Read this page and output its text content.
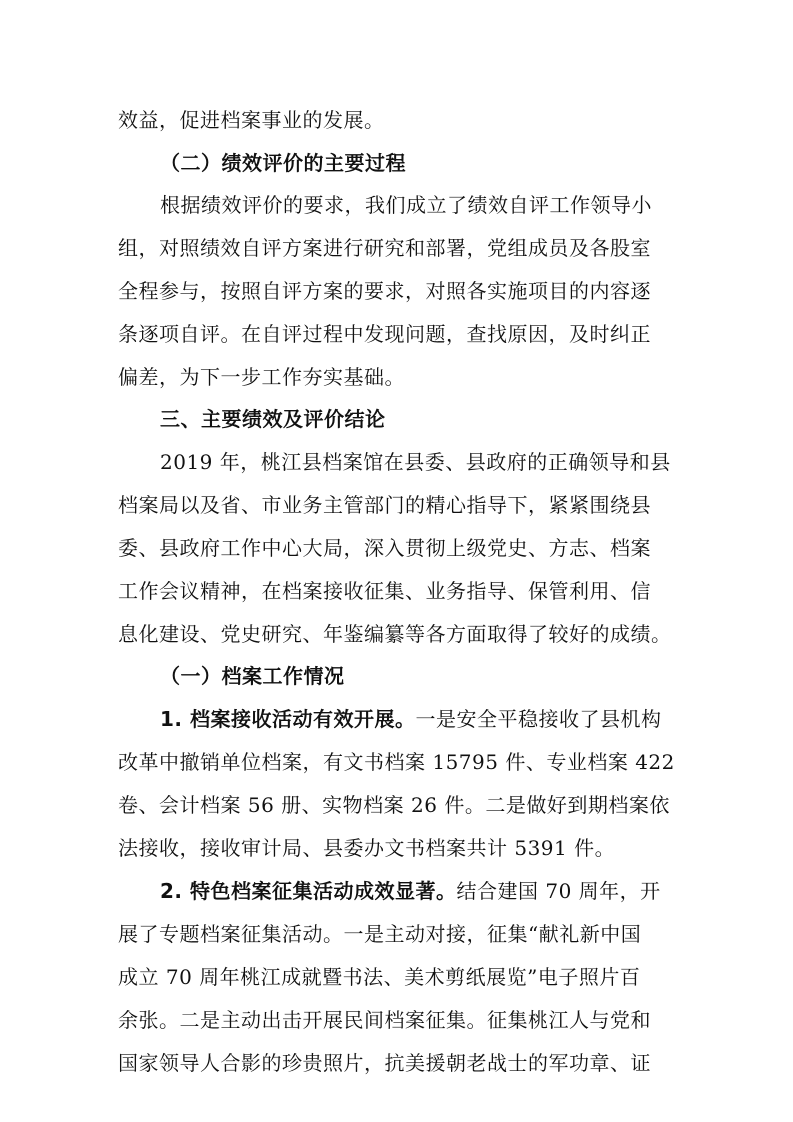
效益，促进档案事业的发展。
（二）绩效评价的主要过程
根据绩效评价的要求，我们成立了绩效自评工作领导小
组，对照绩效自评方案进行研究和部署，党组成员及各股室
全程参与，按照自评方案的要求，对照各实施项目的内容逐
条逐项自评。在自评过程中发现问题，查找原因，及时纠正
偏差，为下一步工作夯实基础。
三、主要绩效及评价结论
2019 年，桃江县档案馆在县委、县政府的正确领导和县
档案局以及省、市业务主管部门的精心指导下，紧紧围绕县
委、县政府工作中心大局，深入贯彻上级党史、方志、档案
工作会议精神，在档案接收征集、业务指导、保管利用、信
息化建设、党史研究、年鉴编纂等各方面取得了较好的成绩。
（一）档案工作情况
1. 档案接收活动有效开展。一是安全平稳接收了县机构
改革中撤销单位档案，有文书档案 15795 件、专业档案 422
卷、会计档案 56 册、实物档案 26 件。二是做好到期档案依
法接收，接收审计局、县委办文书档案共计 5391 件。
2. 特色档案征集活动成效显著。结合建国 70 周年，开
展了专题档案征集活动。一是主动对接，征集“献礼新中国
成立 70 周年桃江成就暨书法、美术剪纸展览”电子照片百
余张。二是主动出击开展民间档案征集。征集桃江人与党和
国家领导人合影的珍贵照片，抗美援朝老战士的军功章、证
